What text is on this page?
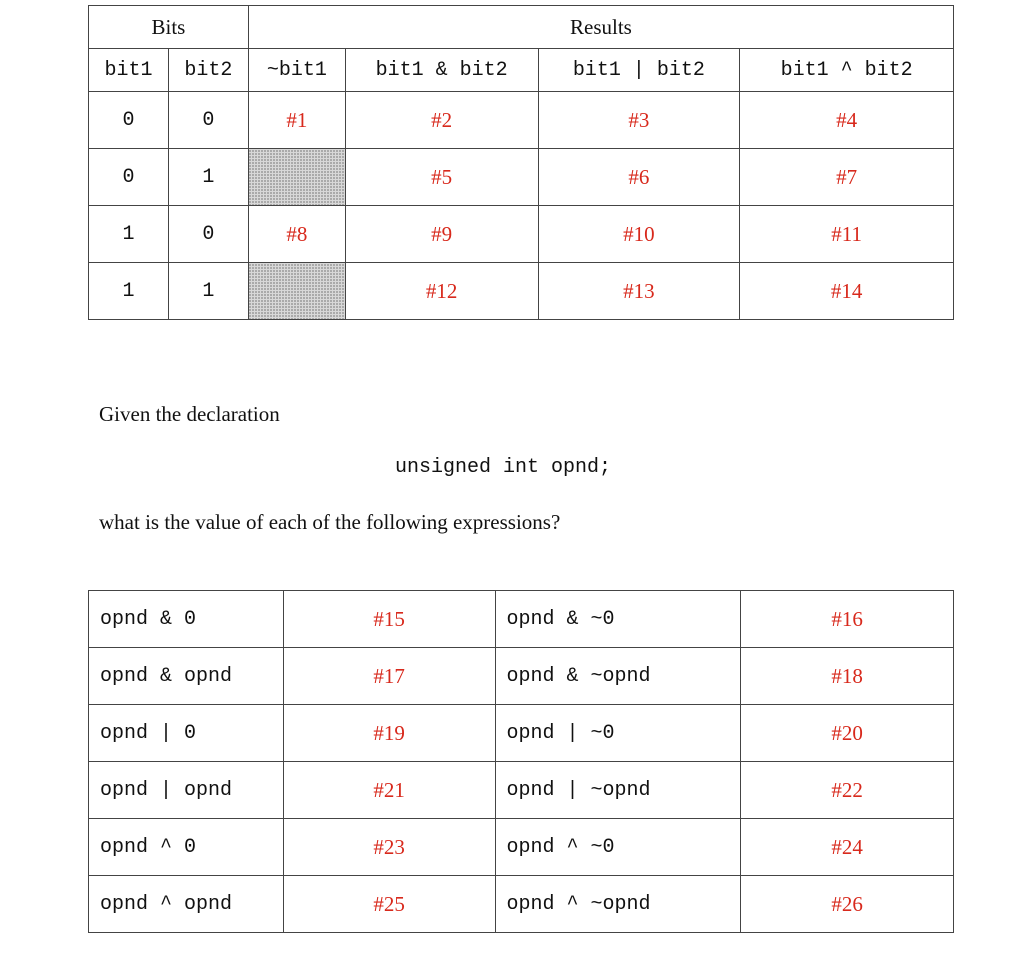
Bits		Results			
bit1	bit2	~bit1	bit1 & bit2	bit1 | bit2	bit1 ^ bit2
0	0	#1	#2	#3	#4
0	1		#5	#6	#7
1	0	#8	#9	#10	#11
1	1		#12	#13	#14
Given the declaration
unsigned int opnd;
what is the value of each of the following expressions?
opnd & 0	#15	opnd & ~0	#16
opnd & opnd	#17	opnd & ~opnd	#18
opnd | 0	#19	opnd | ~0	#20
opnd | opnd	#21	opnd | ~opnd	#22
opnd ^ 0	#23	opnd ^ ~0	#24
opnd ^ opnd	#25	opnd ^ ~opnd	#26
